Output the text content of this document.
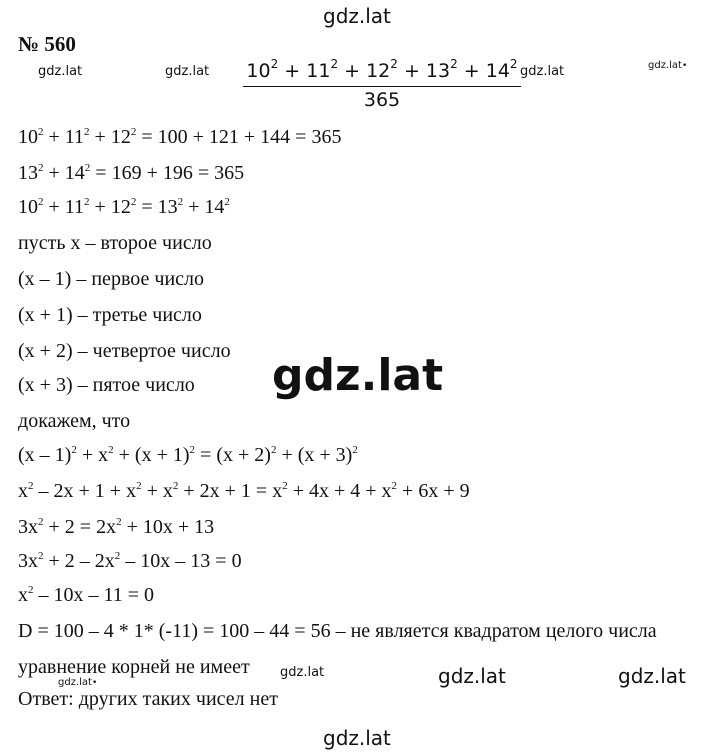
gdz.lat
gdz.lat	gdz.lat	gdz.lat	gdz.lat•
gdz.lat
gdz.lat	gdz.lat	gdz.lat
gdz.lat•
gdz.lat
№ 560
$10^2 + 11^2 + 12^2 + 13^2 + 14^2$
365
$10^2 + 11^2 + 12^2 = 100 + 121 + 144 = 365$
$13^2 + 14^2 = 169 + 196 = 365$
$10^2 + 11^2 + 12^2 = 13^2 + 14^2$
пусть x – второе число
(x – 1) – первое число
(x + 1) – третье число
(x + 2) – четвертое число
(x + 3) – пятое число
докажем, что
$(x - 1)^2 + x^2 + (x + 1)^2 = (x + 2)^2 + (x + 3)^2$
$x^2 - 2x + 1 + x^2 + x^2 + 2x + 1 = x^2 + 4x + 4 + x^2 + 6x + 9$
$3x^2 + 2 = 2x^2 + 10x + 13$
$3x^2 + 2 - 2x^2 - 10x - 13 = 0$
$x^2 - 10x - 11 = 0$
D = 100 – 4 * 1* (-11) = 100 – 44 = 56 – не является квадратом целого числа
уравнение корней не имеет
Ответ: других таких чисел нет
